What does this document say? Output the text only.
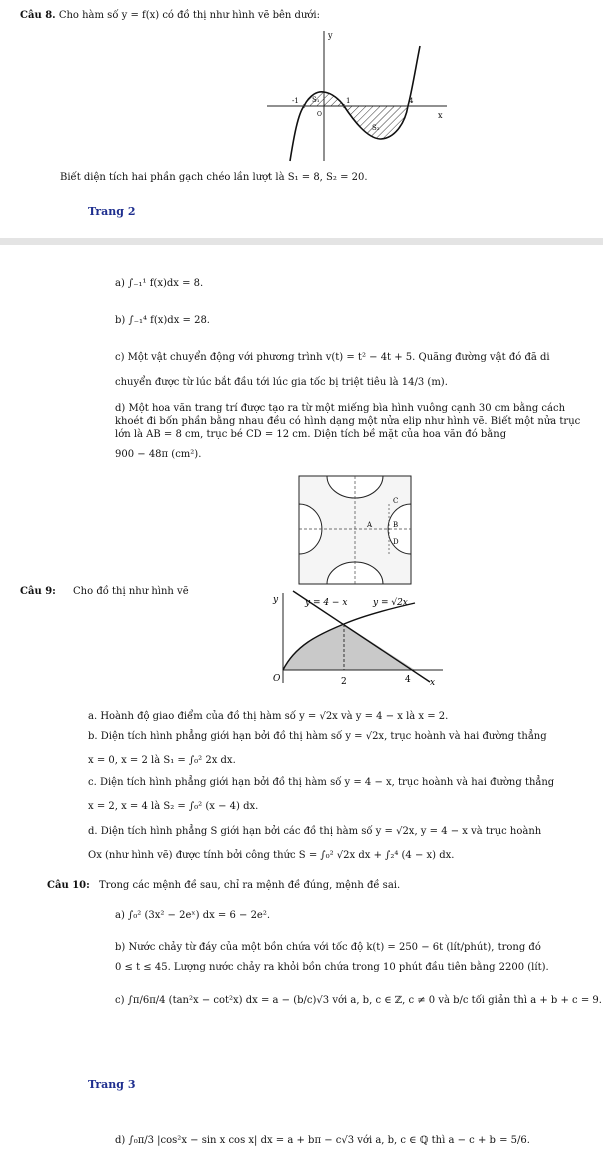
Câu 8. Cho hàm số y = f(x) có đồ thị như hình vẽ bên dưới:
y
x
O
-1	1	4
S₁
S₂
Biết diện tích hai phần gạch chéo lần lượt là S₁ = 8, S₂ = 20.
Trang 2
a) ∫₋₁¹ f(x)dx = 8.
b) ∫₋₁⁴ f(x)dx = 28.
c) Một vật chuyển động với phương trình v(t) = t² − 4t + 5. Quãng đường vật đó đã di
chuyển được từ lúc bắt đầu tới lúc gia tốc bị triệt tiêu là 14/3 (m).
d) Một hoa văn trang trí được tạo ra từ một miếng bìa hình vuông cạnh 30 cm bằng cách khoét đi bốn phần bằng nhau đều có hình dạng một nửa elip như hình vẽ. Biết một nửa trục lớn là AB = 8 cm, trục bé CD = 12 cm. Diện tích bề mặt của hoa văn đó bằng
900 − 48π (cm²).
A	B
C
D
Câu 9: Cho đồ thị như hình vẽ
y
x
O	2	4
y = 4 − x	y = √2x
a. Hoành độ giao điểm của đồ thị hàm số y = √2x và y = 4 − x là x = 2.
b. Diện tích hình phẳng giới hạn bởi đồ thị hàm số y = √2x, trục hoành và hai đường thẳng
x = 0, x = 2 là S₁ = ∫₀² 2x dx.
c. Diện tích hình phẳng giới hạn bởi đồ thị hàm số y = 4 − x, trục hoành và hai đường thẳng
x = 2, x = 4 là S₂ = ∫₀² (x − 4) dx.
d. Diện tích hình phẳng S giới hạn bởi các đồ thị hàm số y = √2x, y = 4 − x và trục hoành
Ox (như hình vẽ) được tính bởi công thức S = ∫₀² √2x dx + ∫₂⁴ (4 − x) dx.
Câu 10: Trong các mệnh đề sau, chỉ ra mệnh đề đúng, mệnh đề sai.
a) ∫₀² (3x² − 2eˣ) dx = 6 − 2e².
b) Nước chảy từ đáy của một bồn chứa với tốc độ k(t) = 250 − 6t (lít/phút), trong đó
0 ≤ t ≤ 45. Lượng nước chảy ra khỏi bồn chứa trong 10 phút đầu tiên bằng 2200 (lít).
c) ∫π/6π/4 (tan²x − cot²x) dx = a − (b/c)√3 với a, b, c ∈ ℤ, c ≠ 0 và b/c tối giản thì a + b + c = 9.
Trang 3
d) ∫₀π/3 |cos²x − sin x cos x| dx = a + bπ − c√3 với a, b, c ∈ ℚ thì a − c + b = 5/6.
